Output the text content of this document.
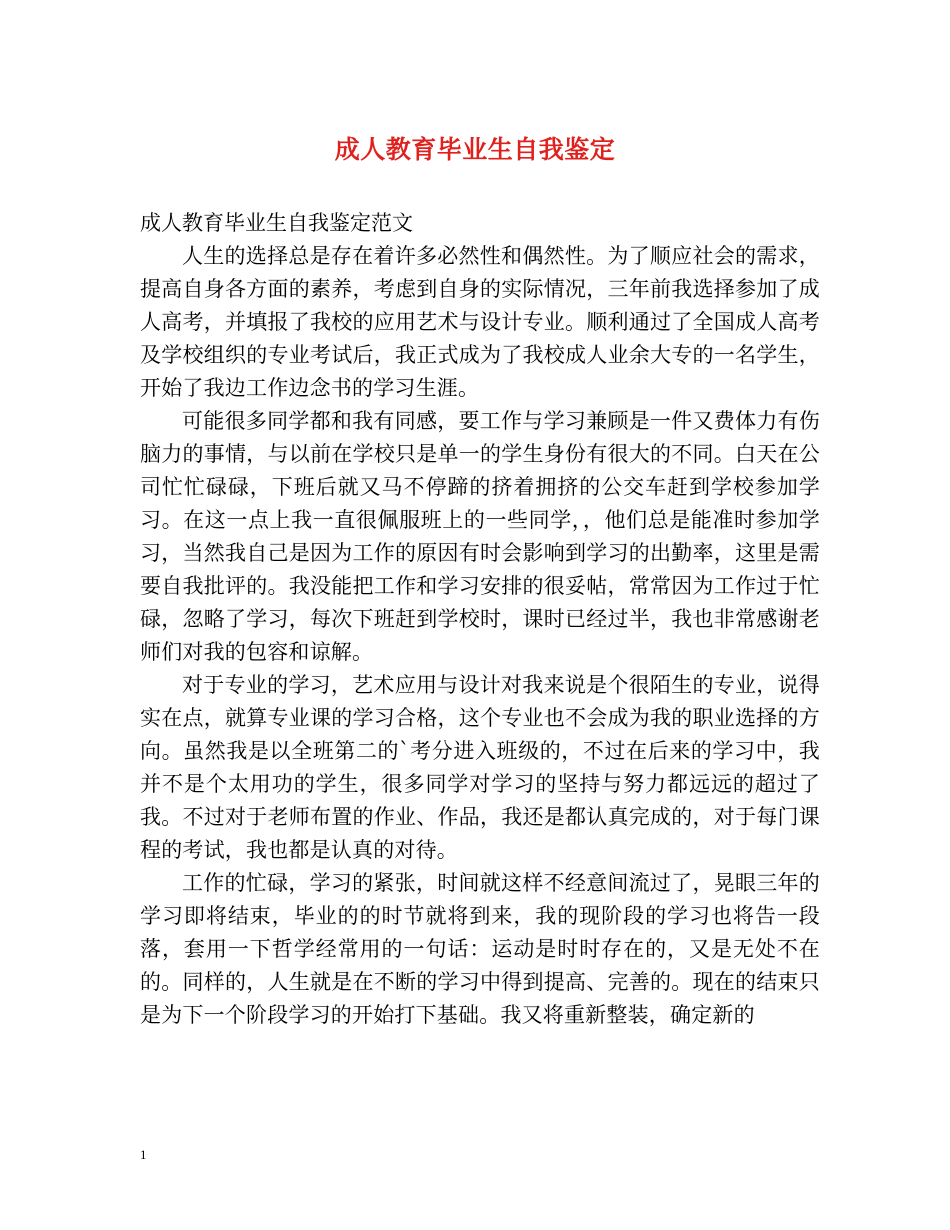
成人教育毕业生自我鉴定

成人教育毕业生自我鉴定范文

人生的选择总是存在着许多必然性和偶然性。为了顺应社会的需求，提高自身各方面的素养，考虑到自身的实际情况，三年前我选择参加了成人高考，并填报了我校的应用艺术与设计专业。顺利通过了全国成人高考及学校组织的专业考试后，我正式成为了我校成人业余大专的一名学生，开始了我边工作边念书的学习生涯。

可能很多同学都和我有同感，要工作与学习兼顾是一件又费体力有伤脑力的事情，与以前在学校只是单一的学生身份有很大的不同。白天在公司忙忙碌碌，下班后就又马不停蹄的挤着拥挤的公交车赶到学校参加学习。在这一点上我一直很佩服班上的一些同学，，他们总是能准时参加学习，当然我自己是因为工作的原因有时会影响到学习的出勤率，这里是需要自我批评的。我没能把工作和学习安排的很妥帖，常常因为工作过于忙碌，忽略了学习，每次下班赶到学校时，课时已经过半，我也非常感谢老师们对我的包容和谅解。

对于专业的学习，艺术应用与设计对我来说是个很陌生的专业，说得实在点，就算专业课的学习合格，这个专业也不会成为我的职业选择的方向。虽然我是以全班第二的`考分进入班级的，不过在后来的学习中，我并不是个太用功的学生，很多同学对学习的坚持与努力都远远的超过了我。不过对于老师布置的作业、作品，我还是都认真完成的，对于每门课程的考试，我也都是认真的对待。

工作的忙碌，学习的紧张，时间就这样不经意间流过了，晃眼三年的学习即将结束，毕业的的时节就将到来，我的现阶段的学习也将告一段落，套用一下哲学经常用的一句话：运动是时时存在的，又是无处不在的。同样的，人生就是在不断的学习中得到提高、完善的。现在的结束只是为下一个阶段学习的开始打下基础。我又将重新整装，确定新的

1
